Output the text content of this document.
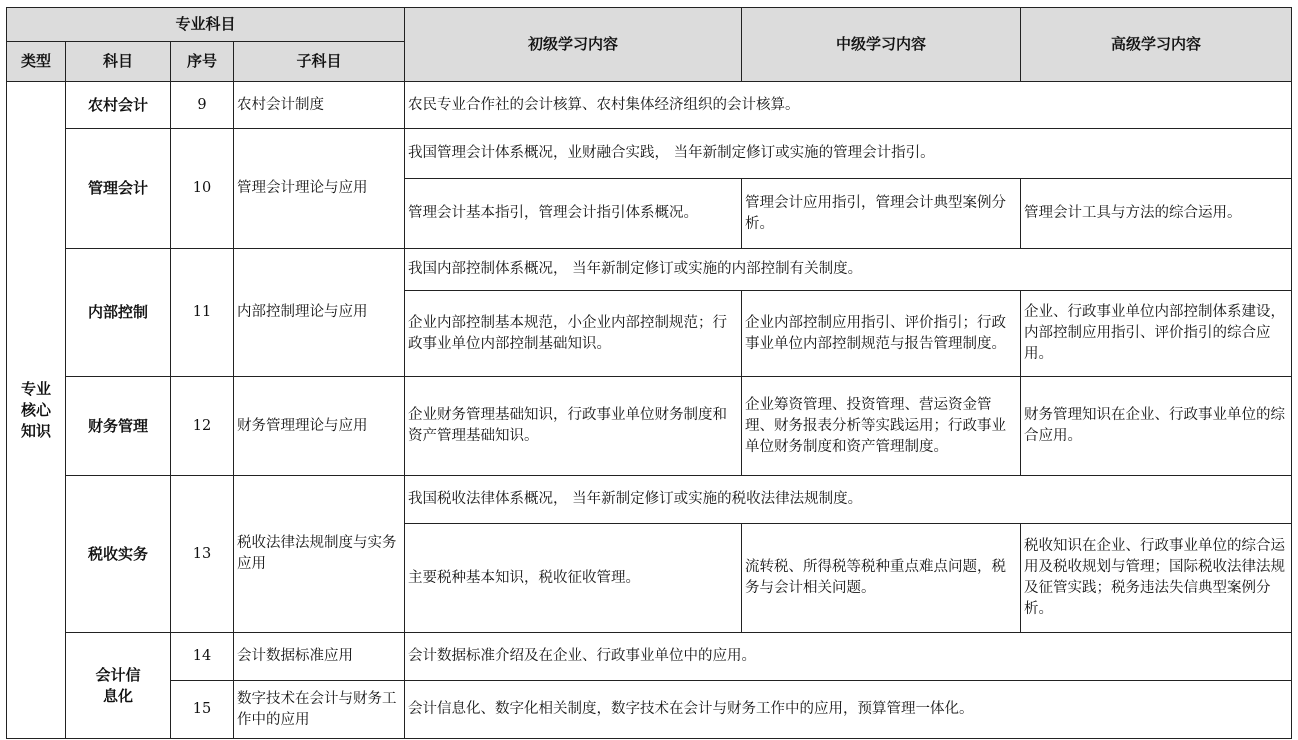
专业科目				初级学习内容	中级学习内容	高级学习内容
类型	科目	序号	子科目			

专业核心知识	农村会计	9	农村会计制度	农民专业合作社的会计核算、农村集体经济组织的会计核算。		
	管理会计	10	管理会计理论与应用	我国管理会计体系概况，业财融合实践， 当年新制定修订或实施的管理会计指引。		
				管理会计基本指引，管理会计指引体系概况。	管理会计应用指引，管理会计典型案例分析。	管理会计工具与方法的综合运用。
	内部控制	11	内部控制理论与应用	我国内部控制体系概况， 当年新制定修订或实施的内部控制有关制度。		
				企业内部控制基本规范，小企业内部控制规范；行政事业单位内部控制基础知识。	企业内部控制应用指引、评价指引；行政事业单位内部控制规范与报告管理制度。	企业、行政事业单位内部控制体系建设，内部控制应用指引、评价指引的综合应用。
	财务管理	12	财务管理理论与应用	企业财务管理基础知识，行政事业单位财务制度和资产管理基础知识。	企业筹资管理、投资管理、营运资金管理、财务报表分析等实践运用；行政事业单位财务制度和资产管理制度。	财务管理知识在企业、行政事业单位的综合应用。
	税收实务	13	税收法律法规制度与实务应用	我国税收法律体系概况， 当年新制定修订或实施的税收法律法规制度。		
				主要税种基本知识，税收征收管理。	流转税、所得税等税种重点难点问题，税务与会计相关问题。	税收知识在企业、行政事业单位的综合运用及税收规划与管理；国际税收法律法规及征管实践；税务违法失信典型案例分析。

	会计信息化	14	会计数据标准应用	会计数据标准介绍及在企业、行政事业单位中的应用。		
		15	数字技术在会计与财务工作中的应用	会计信息化、数字化相关制度，数字技术在会计与财务工作中的应用，预算管理一体化。		
